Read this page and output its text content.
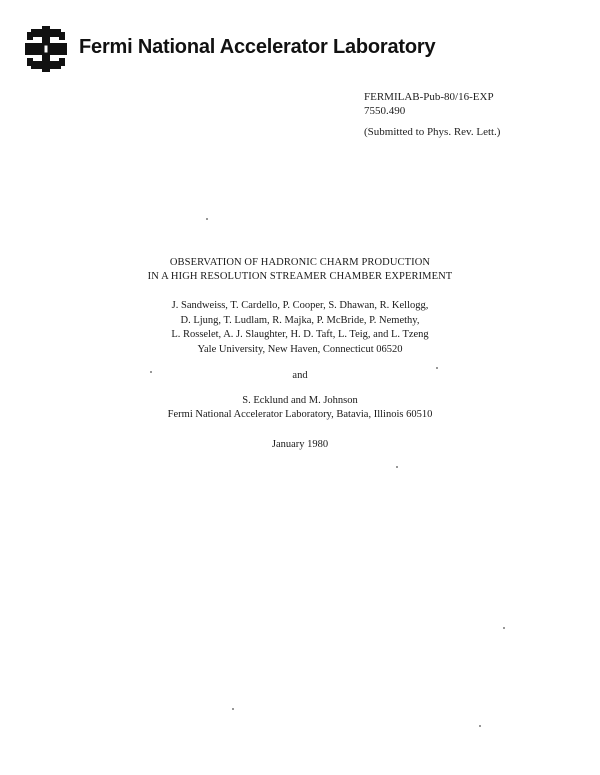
Fermi National Accelerator Laboratory
FERMILAB-Pub-80/16-EXP
7550.490
(Submitted to Phys. Rev. Lett.)
OBSERVATION OF HADRONIC CHARM PRODUCTION
IN A HIGH RESOLUTION STREAMER CHAMBER EXPERIMENT
J. Sandweiss, T. Cardello, P. Cooper, S. Dhawan, R. Kellogg,
D. Ljung, T. Ludlam, R. Majka, P. McBride, P. Nemethy,
L. Rosselet, A. J. Slaughter, H. D. Taft, L. Teig, and L. Tzeng
Yale University, New Haven, Connecticut 06520
and
S. Ecklund and M. Johnson
Fermi National Accelerator Laboratory, Batavia, Illinois 60510
January 1980
